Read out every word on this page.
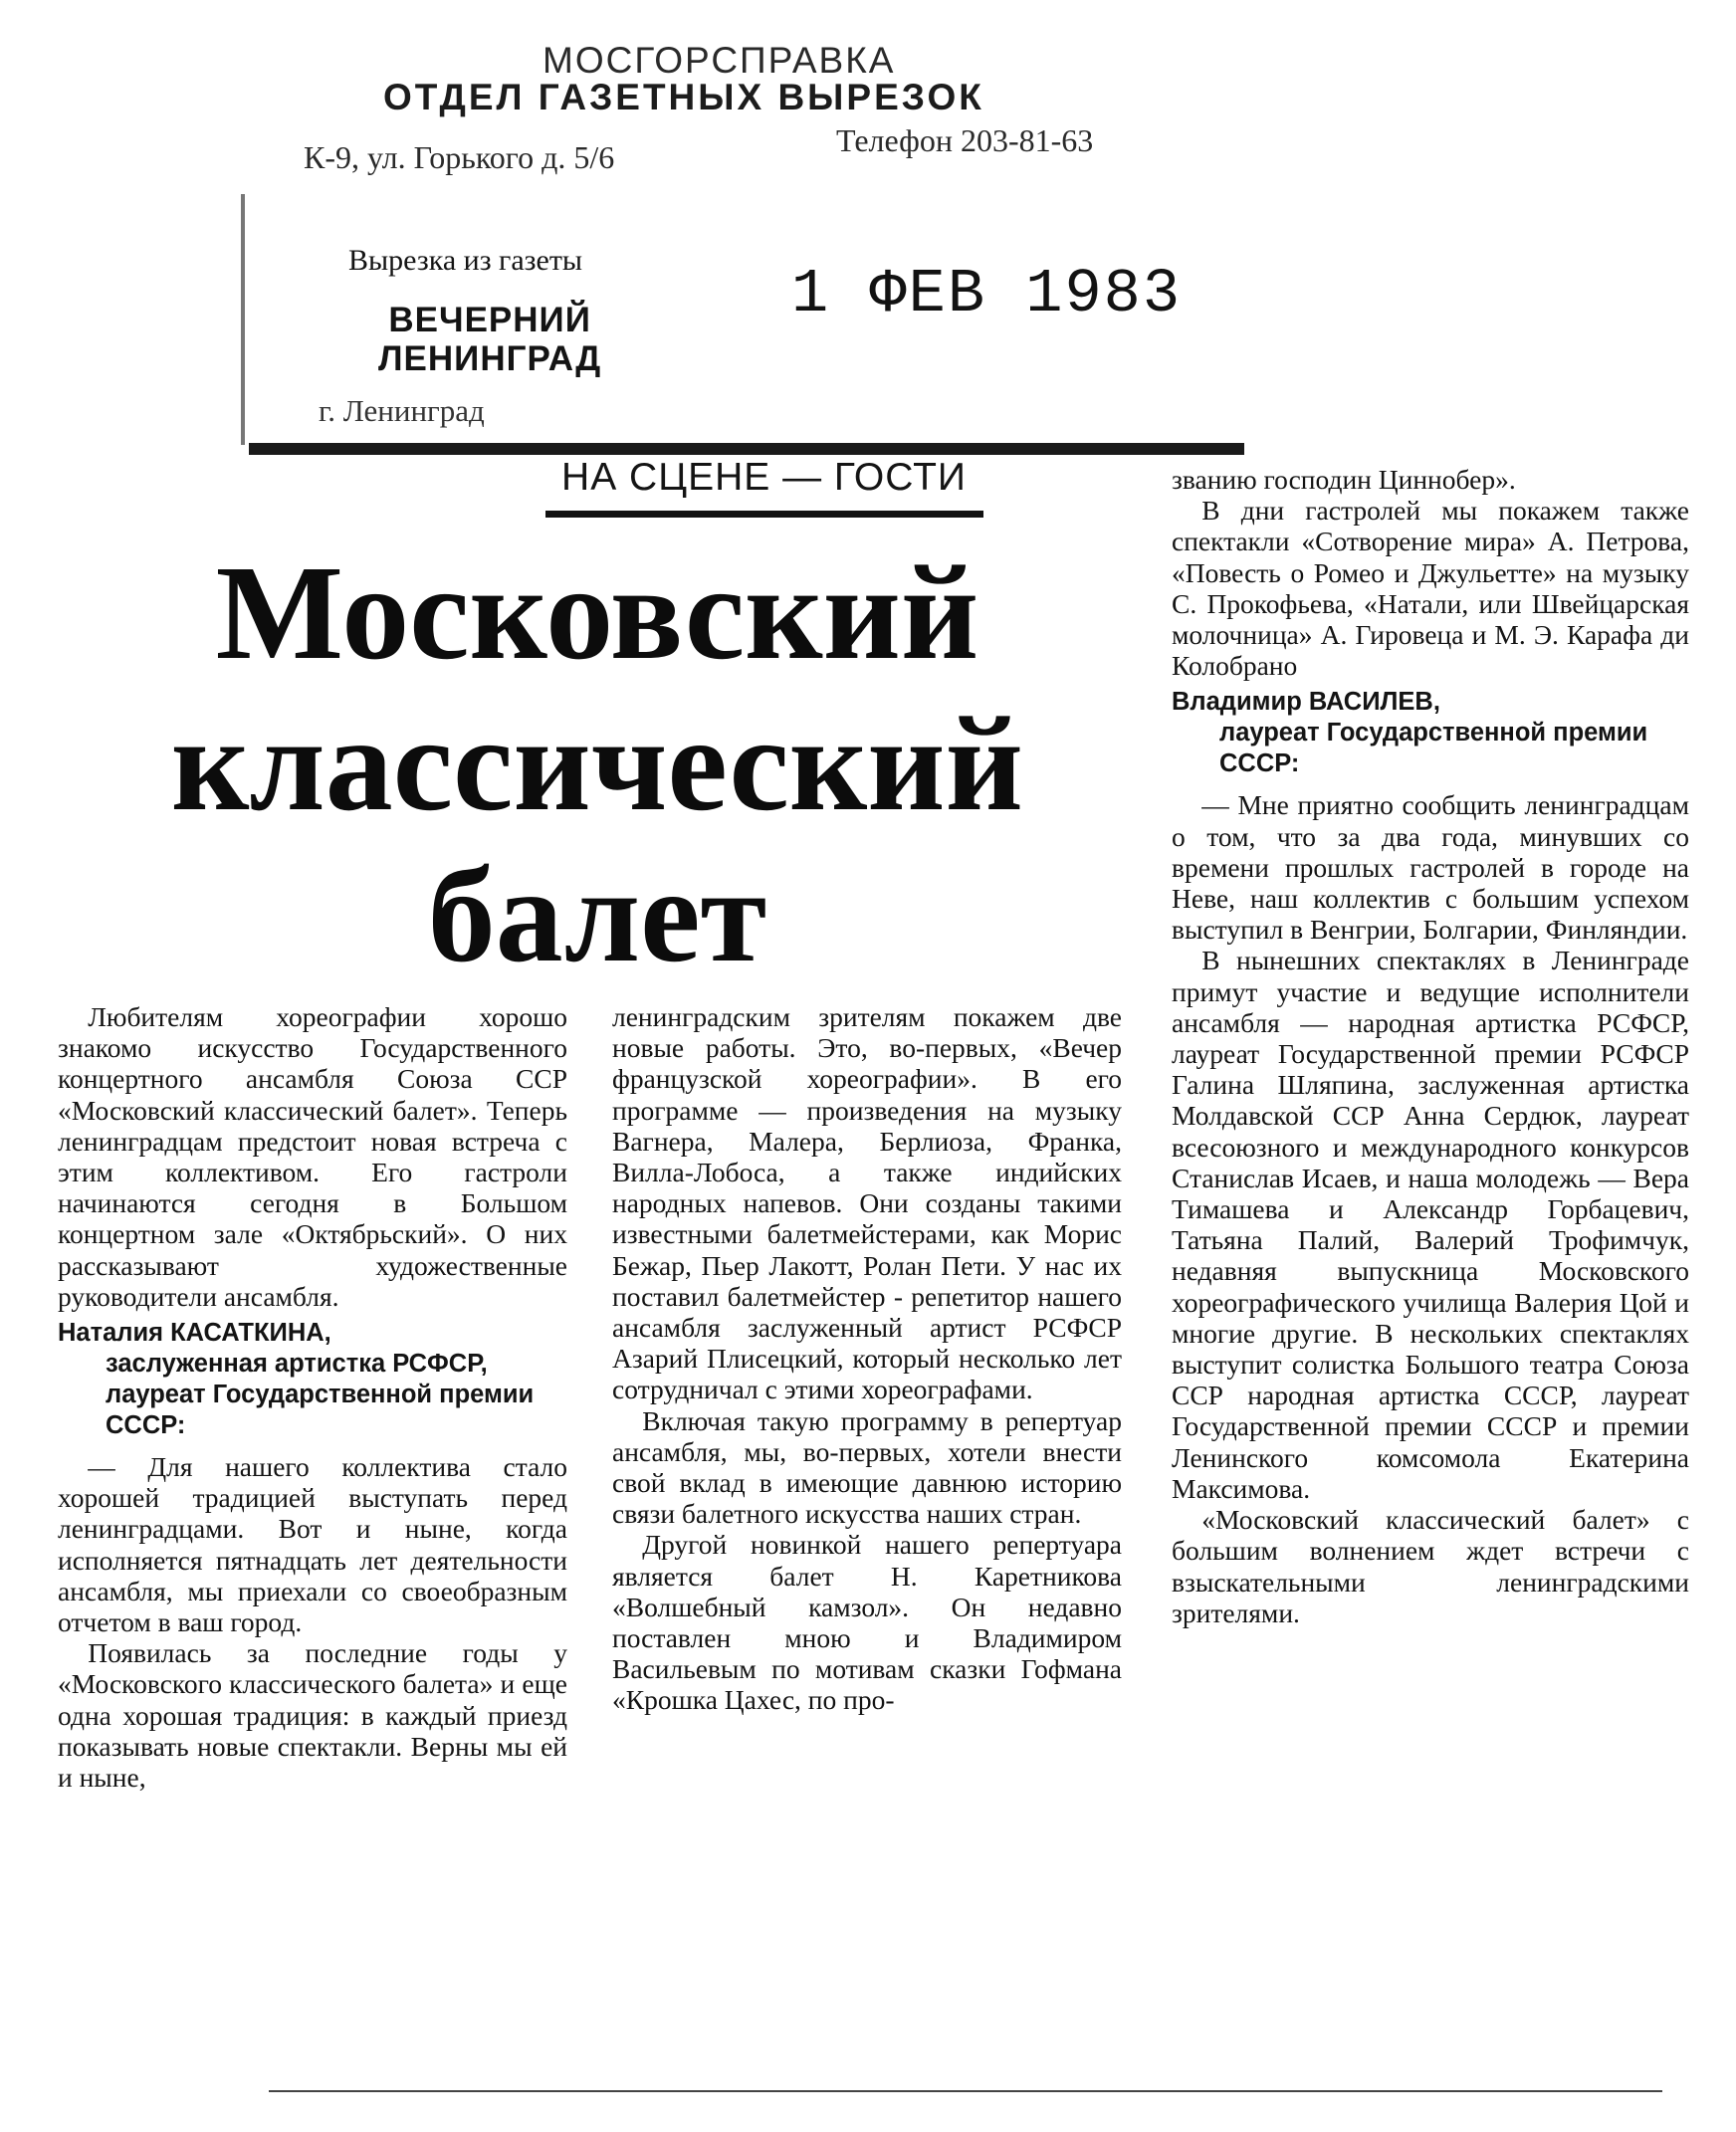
МОСГОРСПРАВКА
ОТДЕЛ ГАЗЕТНЫХ ВЫРЕЗОК
К-9, ул. Горького д. 5/6	Телефон 203-81-63
Вырезка из газеты
ВЕЧЕРНИЙ
ЛЕНИНГРАД
г. Ленинград
1 ФЕВ 1983
НА СЦЕНЕ — ГОСТИ
Московский
классический
балет

Любителям хореографии хорошо знакомо искусство Государственного концертного ансамбля Союза ССР «Московский классический балет». Теперь ленинградцам предстоит новая встреча с этим коллективом. Его гастроли начинаются сегодня в Большом концертном зале «Октябрьский». О них рассказывают художественные руководители ансамбля.

Наталия КАСАТКИНА,
заслуженная артистка РСФСР, лауреат Государственной премии СССР:

— Для нашего коллектива стало хорошей традицией выступать перед ленинградцами. Вот и ныне, когда исполняется пятнадцать лет деятельности ансамбля, мы приехали со своеобразным отчетом в ваш город.

Появилась за последние годы у «Московского классического балета» и еще одна хорошая традиция: в каждый приезд показывать новые спектакли. Верны мы ей и ныне,

ленинградским зрителям покажем две новые работы. Это, во-первых, «Вечер французской хореографии». В его программе — произведения на музыку Вагнера, Малера, Берлиоза, Франка, Вилла-Лобоса, а также индийских народных напевов. Они созданы такими известными балетмейстерами, как Морис Бежар, Пьер Лакотт, Ролан Пети. У нас их поставил балетмейстер - репетитор нашего ансамбля заслуженный артист РСФСР Азарий Плисецкий, который несколько лет сотрудничал с этими хореографами.

Включая такую программу в репертуар ансамбля, мы, во-первых, хотели внести свой вклад в имеющие давнюю историю связи балетного искусства наших стран.

Другой новинкой нашего репертуара является балет Н. Каретникова «Волшебный камзол». Он недавно поставлен мною и Владимиром Васильевым по мотивам сказки Гофмана «Крошка Цахес, по про-

званию господин Циннобер».

В дни гастролей мы покажем также спектакли «Сотворение мира» А. Петрова, «Повесть о Ромео и Джульетте» на музыку С. Прокофьева, «Натали, или Швейцарская молочница» А. Гировеца и М. Э. Карафа ди Колобрано

Владимир ВАСИЛЕВ,
лауреат Государственной премии СССР:

— Мне приятно сообщить ленинградцам о том, что за два года, минувших со времени прошлых гастролей в городе на Неве, наш коллектив с большим успехом выступил в Венгрии, Болгарии, Финляндии.

В нынешних спектаклях в Ленинграде примут участие и ведущие исполнители ансамбля — народная артистка РСФСР, лауреат Государственной премии РСФСР Галина Шляпина, заслуженная артистка Молдавской ССР Анна Сердюк, лауреат всесоюзного и международного конкурсов Станислав Исаев, и наша молодежь — Вера Тимашева и Александр Горбацевич, Татьяна Палий, Валерий Трофимчук, недавняя выпускница Московского хореографического училища Валерия Цой и многие другие. В нескольких спектаклях выступит солистка Большого театра Союза ССР народная артистка СССР, лауреат Государственной премии СССР и премии Ленинского комсомола Екатерина Максимова.

«Московский классический балет» с большим волнением ждет встречи с взыскательными ленинградскими зрителями.
